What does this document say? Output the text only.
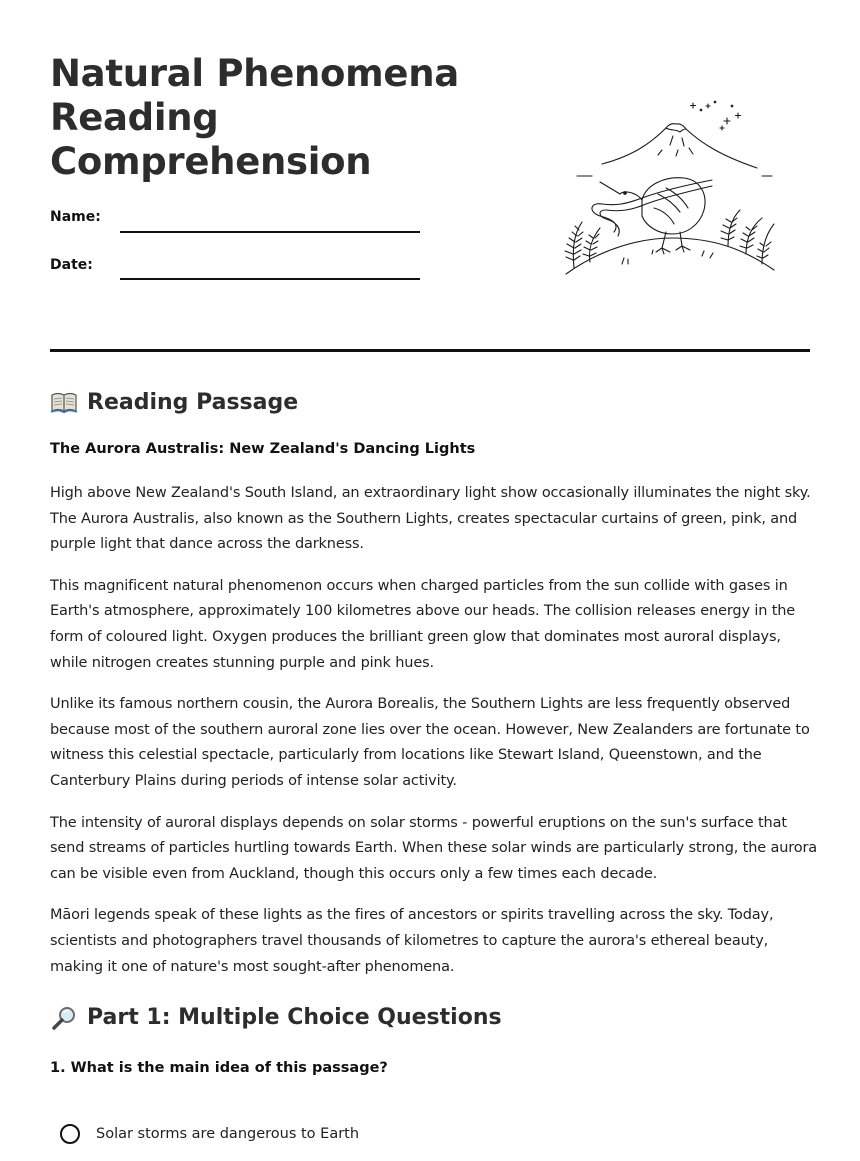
Natural Phenomena
Reading
Comprehension
Name:
Date:
Reading Passage
The Aurora Australis: New Zealand's Dancing Lights

High above New Zealand's South Island, an extraordinary light show occasionally illuminates the night sky. The Aurora Australis, also known as the Southern Lights, creates spectacular curtains of green, pink, and purple light that dance across the darkness.

This magnificent natural phenomenon occurs when charged particles from the sun collide with gases in Earth's atmosphere, approximately 100 kilometres above our heads. The collision releases energy in the form of coloured light. Oxygen produces the brilliant green glow that dominates most auroral displays, while nitrogen creates stunning purple and pink hues.

Unlike its famous northern cousin, the Aurora Borealis, the Southern Lights are less frequently observed because most of the southern auroral zone lies over the ocean. However, New Zealanders are fortunate to witness this celestial spectacle, particularly from locations like Stewart Island, Queenstown, and the Canterbury Plains during periods of intense solar activity.

The intensity of auroral displays depends on solar storms - powerful eruptions on the sun's surface that send streams of particles hurtling towards Earth. When these solar winds are particularly strong, the aurora can be visible even from Auckland, though this occurs only a few times each decade.

Māori legends speak of these lights as the fires of ancestors or spirits travelling across the sky. Today, scientists and photographers travel thousands of kilometres to capture the aurora's ethereal beauty, making it one of nature's most sought-after phenomena.

Part 1: Multiple Choice Questions
1. What is the main idea of this passage?
Solar storms are dangerous to Earth
